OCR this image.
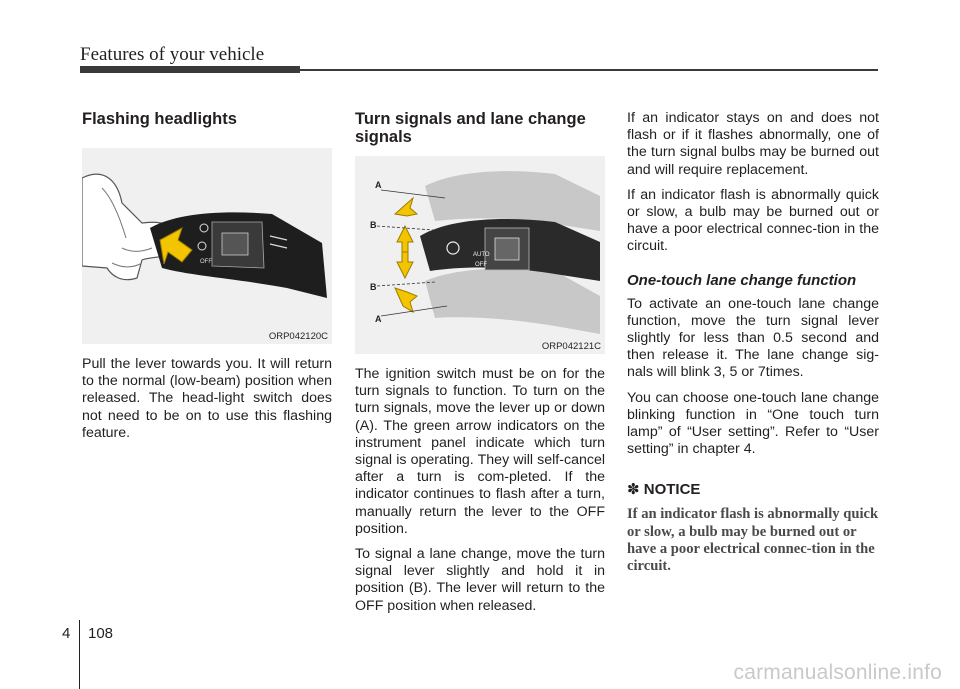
Features of your vehicle
Flashing headlights
OFF
ORP042120C

Pull the lever towards you. It will return to the normal (low-beam) position when released. The head-light switch does not need to be on to use this flashing feature.

Turn signals and lane change signals
AUTO
OFF
A
B
B
A
ORP042121C

The ignition switch must be on for the turn signals to function. To turn on the turn signals, move the lever up or down (A). The green arrow indicators on the instrument panel indicate which turn signal is operating. They will self-cancel after a turn is com-pleted. If the indicator continues to flash after a turn, manually return the lever to the OFF position.

To signal a lane change, move the turn signal lever slightly and hold it in position (B). The lever will return to the OFF position when released.

If an indicator stays on and does not flash or if it flashes abnormally, one of the turn signal bulbs may be burned out and will require replacement.

If an indicator flash is abnormally quick or slow, a bulb may be burned out or have a poor electrical connec-tion in the circuit.

One-touch lane change function

To activate an one-touch lane change function, move the turn signal lever slightly for less than 0.5 second and then release it. The lane change sig-nals will blink 3, 5 or 7times.

You can choose one-touch lane change blinking function in “One touch turn lamp” of “User setting”. Refer to “User setting” in chapter 4.

✽ NOTICE

If an indicator flash is abnormally quick or slow, a bulb may be burned out or have a poor electrical connec-tion in the circuit.

4 108
carmanualsonline.info
